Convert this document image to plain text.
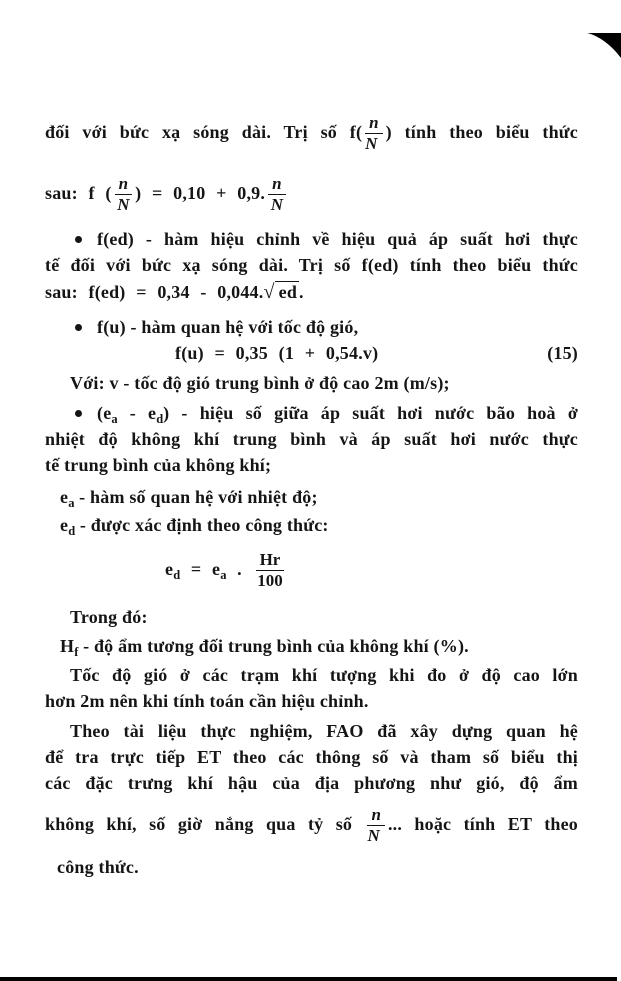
đối với bức xạ sóng dài. Trị số $f( \frac{n}{N}$ ) tính theo biểu thức
sau: f ( $\frac{n}{N}$ ) = 0,10 + 0,9. $\frac{n}{N}$
f(ed) - hàm hiệu chỉnh về hiệu quả áp suất hơi thực
tế đối với bức xạ sóng dài. Trị số f(ed) tính theo biểu thức
sau: f(ed) = 0,34 - 0,044.√ ed .
f(u) - hàm quan hệ với tốc độ gió,
f(u) = 0,35 (1 + 0,54.v)	(15)
Với: v - tốc độ gió trung bình ở độ cao 2m (m/s);
$(e_a - e_d)$ - hiệu số giữa áp suất hơi nước bão hoà ở
nhiệt độ không khí trung bình và áp suất hơi nước thực
tế trung bình của không khí;
$e_a$ - hàm số quan hệ với nhiệt độ;
$e_d$ - được xác định theo công thức:
$e_d = e_a$ . $\frac{Hr}{100}$
Trong đó:
$H_f$ - độ ẩm tương đối trung bình của không khí (%).
Tốc độ gió ở các trạm khí tượng khi đo ở độ cao lớn
hơn 2m nên khi tính toán cần hiệu chỉnh.
Theo tài liệu thực nghiệm, FAO đã xây dựng quan hệ
để tra trực tiếp ET theo các thông số và tham số biểu thị
các đặc trưng khí hậu của địa phương như gió, độ ẩm
không khí, số giờ nắng qua tỷ số $\frac{n}{N}$ ... hoặc tính ET theo
công thức.
